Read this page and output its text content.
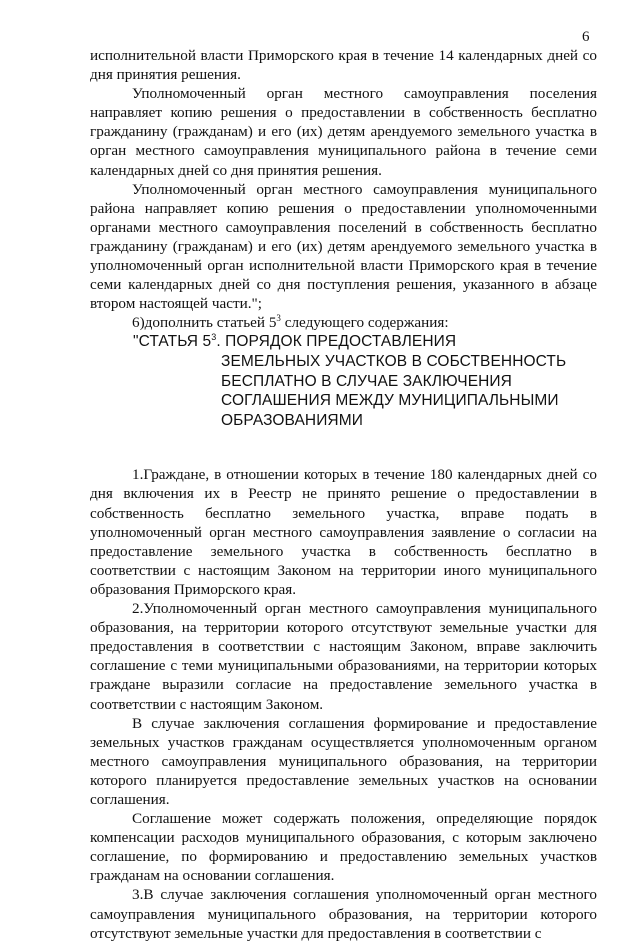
6

исполнительной власти Приморского края в течение 14 календарных дней со дня принятия решения.

Уполномоченный орган местного самоуправления поселения направляет копию решения о предоставлении в собственность бесплатно гражданину (гражданам) и его (их) детям арендуемого земельного участка в орган местного самоуправления муниципального района в течение семи календарных дней со дня принятия решения.

Уполномоченный орган местного самоуправления муниципального района направляет копию решения о предоставлении уполномоченными органами местного самоуправления поселений в собственность бесплатно гражданину (гражданам) и его (их) детям арендуемого земельного участка в уполномоченный орган исполнительной власти Приморского края в течение семи календарных дней со дня поступления решения, указанного в абзаце втором настоящей части.";

6)дополнить статьей $5^3$ следующего содержания:

"СТАТЬЯ $5^3$. ПОРЯДОК ПРЕДОСТАВЛЕНИЯ

ЗЕМЕЛЬНЫХ УЧАСТКОВ В СОБСТВЕННОСТЬ

БЕСПЛАТНО В СЛУЧАЕ ЗАКЛЮЧЕНИЯ

СОГЛАШЕНИЯ МЕЖДУ МУНИЦИПАЛЬНЫМИ

ОБРАЗОВАНИЯМИ

1.Граждане, в отношении которых в течение 180 календарных дней со дня включения их в Реестр не принято решение о предоставлении в собственность бесплатно земельного участка, вправе подать в уполномоченный орган местного самоуправления заявление о согласии на предоставление земельного участка в собственность бесплатно в соответствии с настоящим Законом на территории иного муниципального образования Приморского края.

2.Уполномоченный орган местного самоуправления муниципального образования, на территории которого отсутствуют земельные участки для предоставления в соответствии с настоящим Законом, вправе заключить соглашение с теми муниципальными образованиями, на территории которых граждане выразили согласие на предоставление земельного участка в соответствии с настоящим Законом.

В случае заключения соглашения формирование и предоставление земельных участков гражданам осуществляется уполномоченным органом местного самоуправления муниципального образования, на территории которого планируется предоставление земельных участков на основании соглашения.

Соглашение может содержать положения, определяющие порядок компенсации расходов муниципального образования, с которым заключено соглашение, по формированию и предоставлению земельных участков гражданам на основании соглашения.

3.В случае заключения соглашения уполномоченный орган местного самоуправления муниципального образования, на территории которого отсутствуют земельные участки для предоставления в соответствии с
